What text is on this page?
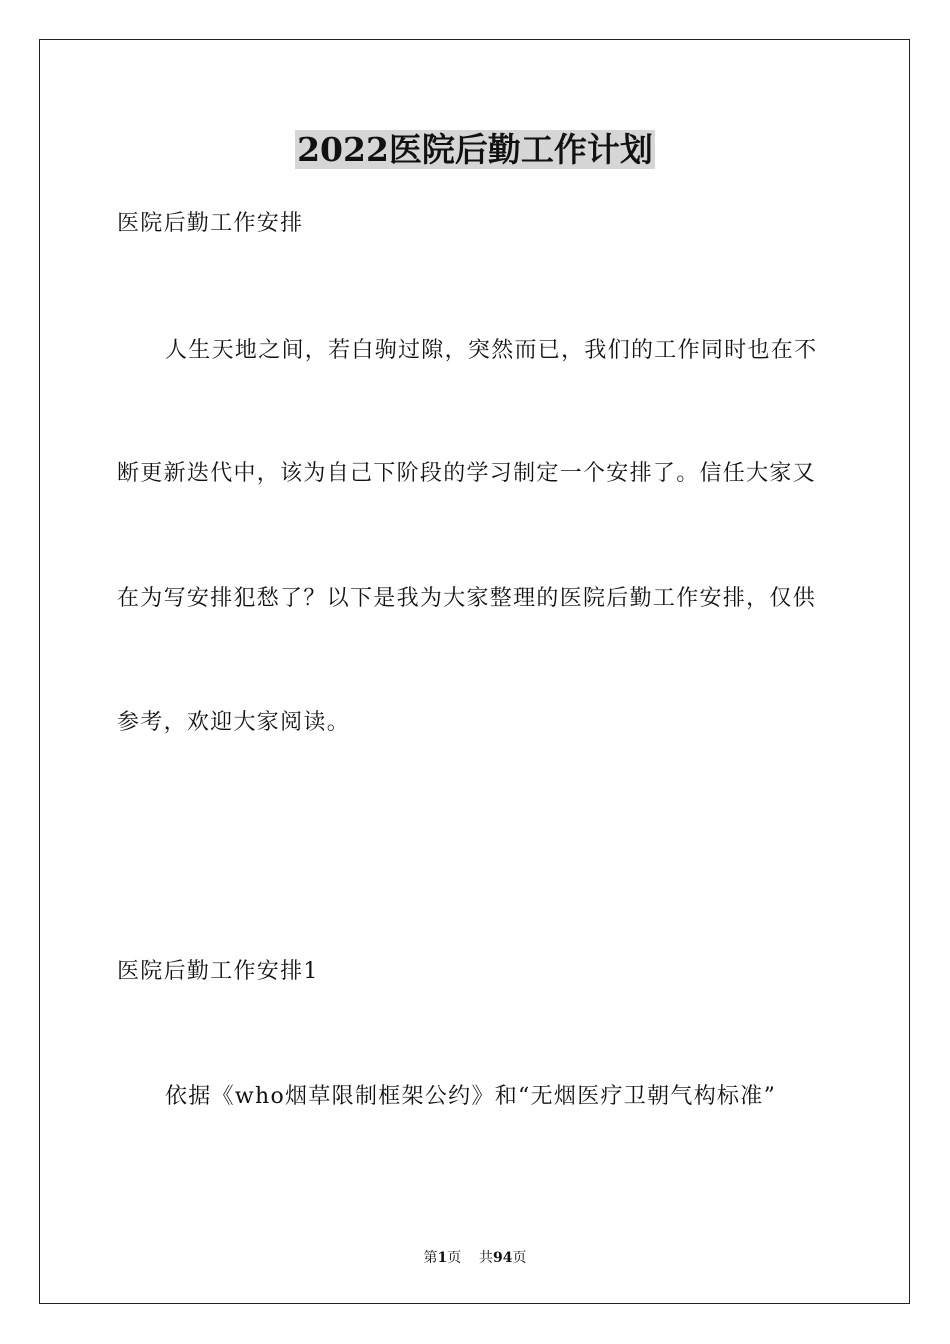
2022医院后勤工作计划
医院后勤工作安排
人生天地之间，若白驹过隙，突然而已，我们的工作同时也在不
断更新迭代中，该为自己下阶段的学习制定一个安排了。信任大家又
在为写安排犯愁了？以下是我为大家整理的医院后勤工作安排，仅供
参考，欢迎大家阅读。
医院后勤工作安排1
依据《who烟草限制框架公约》和“无烟医疗卫朝气构标准”
第1页 共94页
